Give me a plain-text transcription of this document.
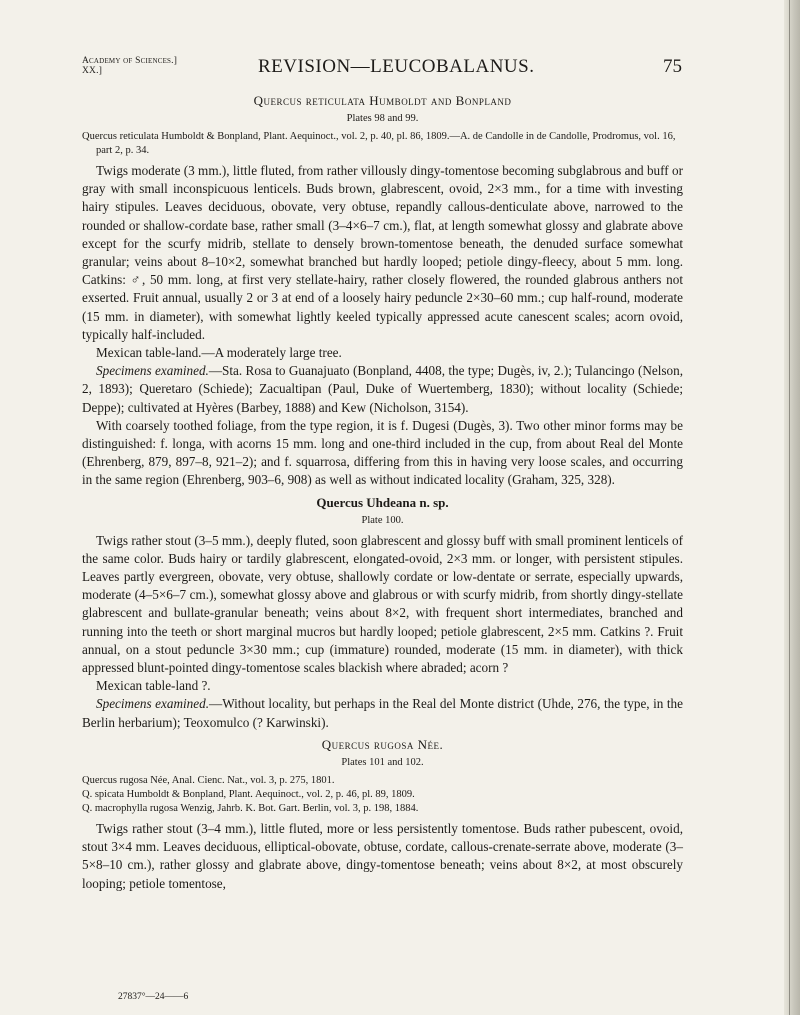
Academy of Sciences.]
XX.]	REVISION—LEUCOBALANUS.	75

Quercus reticulata Humboldt and Bonpland

Plates 98 and 99.

Quercus reticulata Humboldt & Bonpland, Plant. Aequinoct., vol. 2, p. 40, pl. 86, 1809.—A. de Candolle in de Candolle, Prodromus, vol. 16, part 2, p. 34.

Twigs moderate (3 mm.), little fluted, from rather villously dingy-tomentose becoming subglabrous and buff or gray with small inconspicuous lenticels. Buds brown, glabrescent, ovoid, 2×3 mm., for a time with investing hairy stipules. Leaves deciduous, obovate, very obtuse, repandly callous-denticulate above, narrowed to the rounded or shallow-cordate base, rather small (3–4×6–7 cm.), flat, at length somewhat glossy and glabrate above except for the scurfy midrib, stellate to densely brown-tomentose beneath, the denuded surface somewhat granular; veins about 8–10×2, somewhat branched but hardly looped; petiole dingy-fleecy, about 5 mm. long. Catkins: ♂, 50 mm. long, at first very stellate-hairy, rather closely flowered, the rounded glabrous anthers not exserted. Fruit annual, usually 2 or 3 at end of a loosely hairy peduncle 2×30–60 mm.; cup half-round, moderate (15 mm. in diameter), with somewhat lightly keeled typically appressed acute canescent scales; acorn ovoid, typically half-included.

Mexican table-land.—A moderately large tree.

Specimens examined.—Sta. Rosa to Guanajuato (Bonpland, 4408, the type; Dugès, iv, 2.); Tulancingo (Nelson, 2, 1893); Queretaro (Schiede); Zacualtipan (Paul, Duke of Wuertemberg, 1830); without locality (Schiede; Deppe); cultivated at Hyères (Barbey, 1888) and Kew (Nicholson, 3154).

With coarsely toothed foliage, from the type region, it is f. Dugesi (Dugès, 3). Two other minor forms may be distinguished: f. longa, with acorns 15 mm. long and one-third included in the cup, from about Real del Monte (Ehrenberg, 879, 897–8, 921–2); and f. squarrosa, differing from this in having very loose scales, and occurring in the same region (Ehrenberg, 903–6, 908) as well as without indicated locality (Graham, 325, 328).

Quercus Uhdeana n. sp.

Plate 100.

Twigs rather stout (3–5 mm.), deeply fluted, soon glabrescent and glossy buff with small prominent lenticels of the same color. Buds hairy or tardily glabrescent, elongated-ovoid, 2×3 mm. or longer, with persistent stipules. Leaves partly evergreen, obovate, very obtuse, shallowly cordate or low-dentate or serrate, especially upwards, moderate (4–5×6–7 cm.), somewhat glossy above and glabrous or with scurfy midrib, from shortly dingy-stellate glabrescent and bullate-granular beneath; veins about 8×2, with frequent short intermediates, branched and running into the teeth or short marginal mucros but hardly looped; petiole glabrescent, 2×5 mm. Catkins ?. Fruit annual, on a stout peduncle 3×30 mm.; cup (immature) rounded, moderate (15 mm. in diameter), with thick appressed blunt-pointed dingy-tomentose scales blackish where abraded; acorn ?

Mexican table-land ?.

Specimens examined.—Without locality, but perhaps in the Real del Monte district (Uhde, 276, the type, in the Berlin herbarium); Teoxomulco (? Karwinski).

Quercus rugosa Née.

Plates 101 and 102.

Quercus rugosa Née, Anal. Cienc. Nat., vol. 3, p. 275, 1801.

Q. spicata Humboldt & Bonpland, Plant. Aequinoct., vol. 2, p. 46, pl. 89, 1809.

Q. macrophylla rugosa Wenzig, Jahrb. K. Bot. Gart. Berlin, vol. 3, p. 198, 1884.

Twigs rather stout (3–4 mm.), little fluted, more or less persistently tomentose. Buds rather pubescent, ovoid, stout 3×4 mm. Leaves deciduous, elliptical-obovate, obtuse, cordate, callous-crenate-serrate above, moderate (3–5×8–10 cm.), rather glossy and glabrate above, dingy-tomentose beneath; veins about 8×2, at most obscurely looping; petiole tomentose,

27837°—24——6
